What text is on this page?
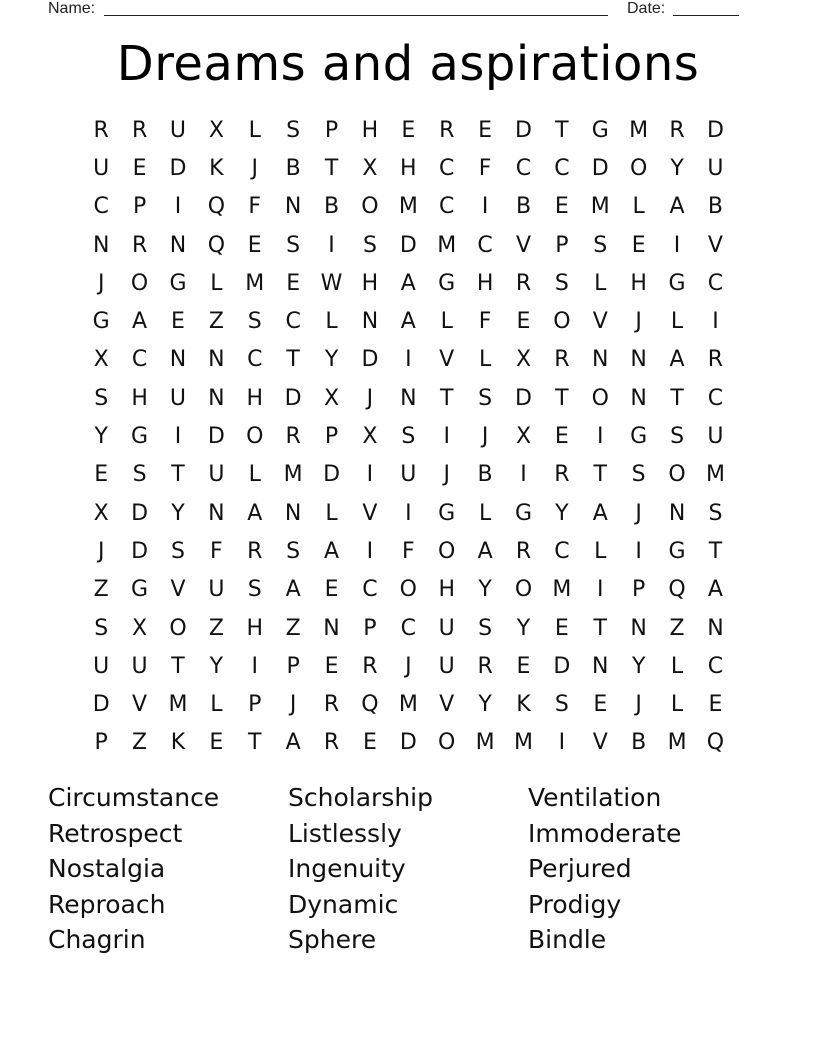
Name:	Date:
Dreams and aspirations
R	R	U	X	L	S	P	H	E	R	E	D	T	G M R	D
U	E	D	K	J	B	T	X	H	C	F	C	C	D O	Y	U
C	P	I	Q	F	N	B	O M C	I	B	E M	L	A	B
N	R	N Q	E	S	I	S	D M C	V	P	S	E	I	V
J	O G	L	M E W H	A	G H	R	S	L	H G	C
G	A	E	Z	S	C	L	N	A	L	F	E	O	V	J	L	I
X	C	N N	C	T	Y	D	I	V	L	X	R	N N	A	R
S	H	U	N H D	X	J	N	T	S	D	T	O N	T	C
Y	G	I	D O	R	P	X	S	I	J	X	E	I	G	S	U
E	S	T	U	L	M D	I	U	J	B	I	R	T	S	O M
X	D	Y	N	A	N	L	V	I	G	L	G	Y	A	J	N	S
J	D	S	F	R	S	A	I	F	O	A	R	C	L	I	G	T
Z	G	V	U	S	A	E	C	O H	Y	O M	I	P	Q	A
S	X	O	Z	H	Z	N	P	C	U	S	Y	E	T	N	Z	N
U	U	T	Y	I	P	E	R	J	U	R	E	D N	Y	L	C
D	V M	L	P	J	R	Q M V	Y	K	S	E	J	L	E
P	Z	K	E	T	A	R	E	D O M M	I	V	B M Q
Circumstance
Retrospect
Nostalgia
Reproach
Chagrin
Scholarship
Listlessly
Ingenuity
Dynamic
Sphere
Ventilation
Immoderate
Perjured
Prodigy
Bindle
